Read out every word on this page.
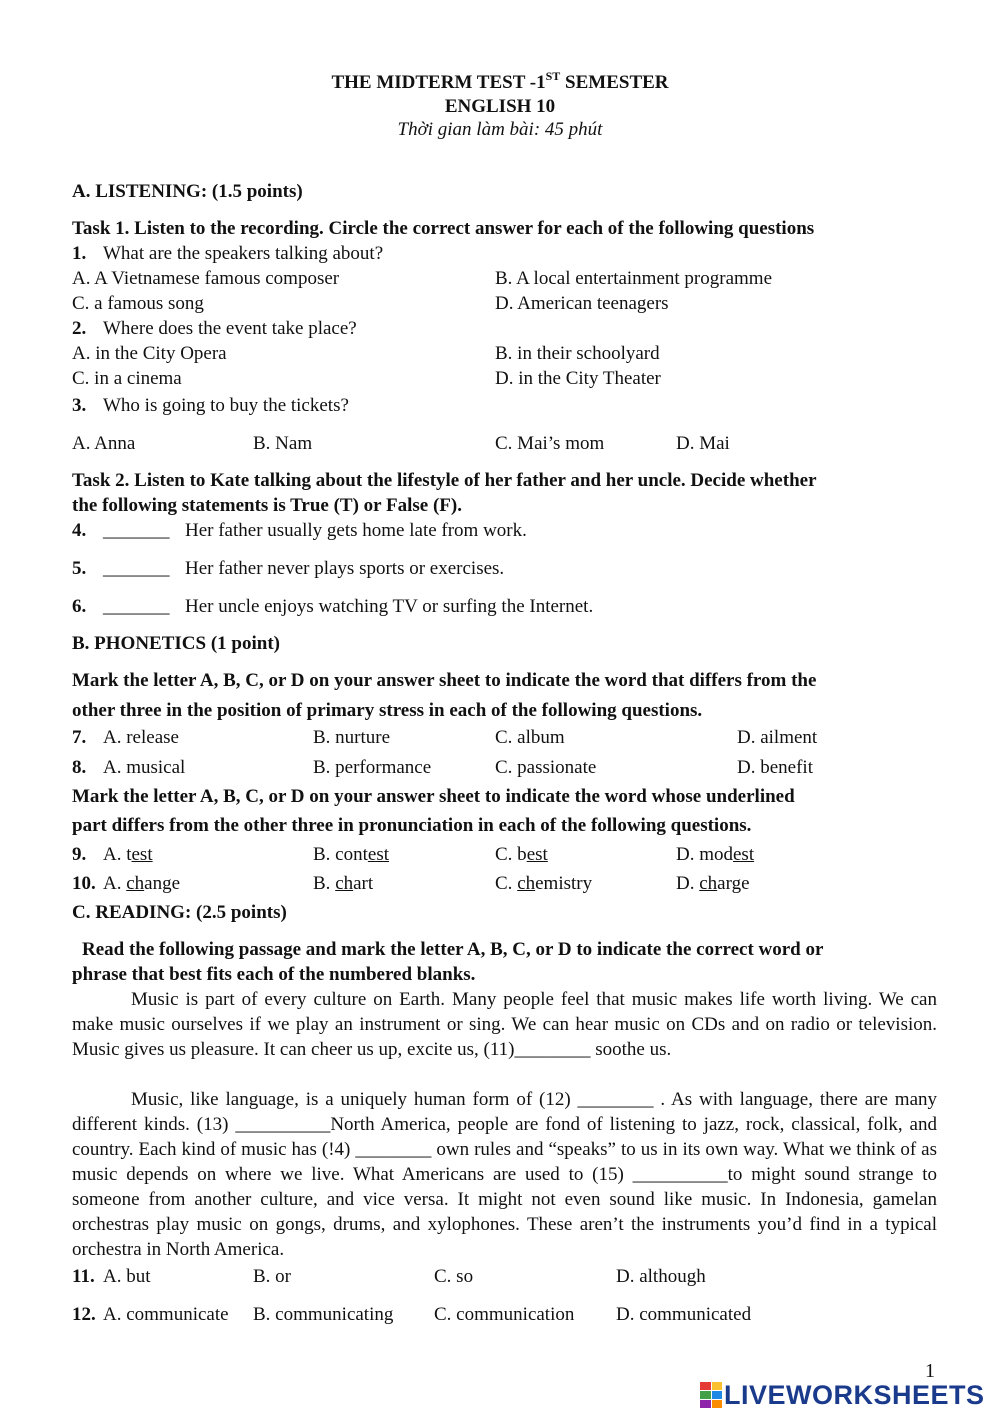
THE MIDTERM TEST -1ST SEMESTER
ENGLISH 10
Thời gian làm bài: 45 phút
A. LISTENING: (1.5 points)
Task 1. Listen to the recording. Circle the correct answer for each of the following questions
1. What are the speakers talking about?
A. A Vietnamese famous composer	B. A local entertainment programme
C. a famous song	D. American teenagers
2. Where does the event take place?
A. in the City Opera	B. in their schoolyard
C. in a cinema	D. in the City Theater
3. Who is going to buy the tickets?
A. Anna	B. Nam	C. Mai’s mom	D. Mai
Task 2. Listen to Kate talking about the lifestyle of her father and her uncle. Decide whether
the following statements is True (T) or False (F).
4. _______ Her father usually gets home late from work.
5. _______ Her father never plays sports or exercises.
6. _______ Her uncle enjoys watching TV or surfing the Internet.
B. PHONETICS (1 point)
Mark the letter A, B, C, or D on your answer sheet to indicate the word that differs from the
other three in the position of primary stress in each of the following questions.
7. A. release	B. nurture	C. album	D. ailment
8. A. musical	B. performance	C. passionate	D. benefit
Mark the letter A, B, C, or D on your answer sheet to indicate the word whose underlined
part differs from the other three in pronunciation in each of the following questions.
9. A. test	B. contest	C. best	D. modest
10. A. change	B. chart	C. chemistry	D. charge
C. READING: (2.5 points)
Read the following passage and mark the letter A, B, C, or D to indicate the correct word or
phrase that best fits each of the numbered blanks.
Music is part of every culture on Earth. Many people feel that music makes life worth living. We can make music ourselves if we play an instrument or sing. We can hear music on CDs and on radio or television. Music gives us pleasure. It can cheer us up, excite us, (11)________ soothe us.
Music, like language, is a uniquely human form of (12) ________ . As with language, there are many different kinds. (13) __________North America, people are fond of listening to jazz, rock, classical, folk, and country. Each kind of music has (!4) ________ own rules and “speaks” to us in its own way. What we think of as music depends on where we live. What Americans are used to (15) __________to might sound strange to someone from another culture, and vice versa. It might not even sound like music. In Indonesia, gamelan orchestras play music on gongs, drums, and xylophones. These aren’t the instruments you’d find in a typical orchestra in North America.
11. A. but	B. or	C. so	D. although
12. A. communicate B. communicating C. communication D. communicated
1
LIVEWORKSHEETS
